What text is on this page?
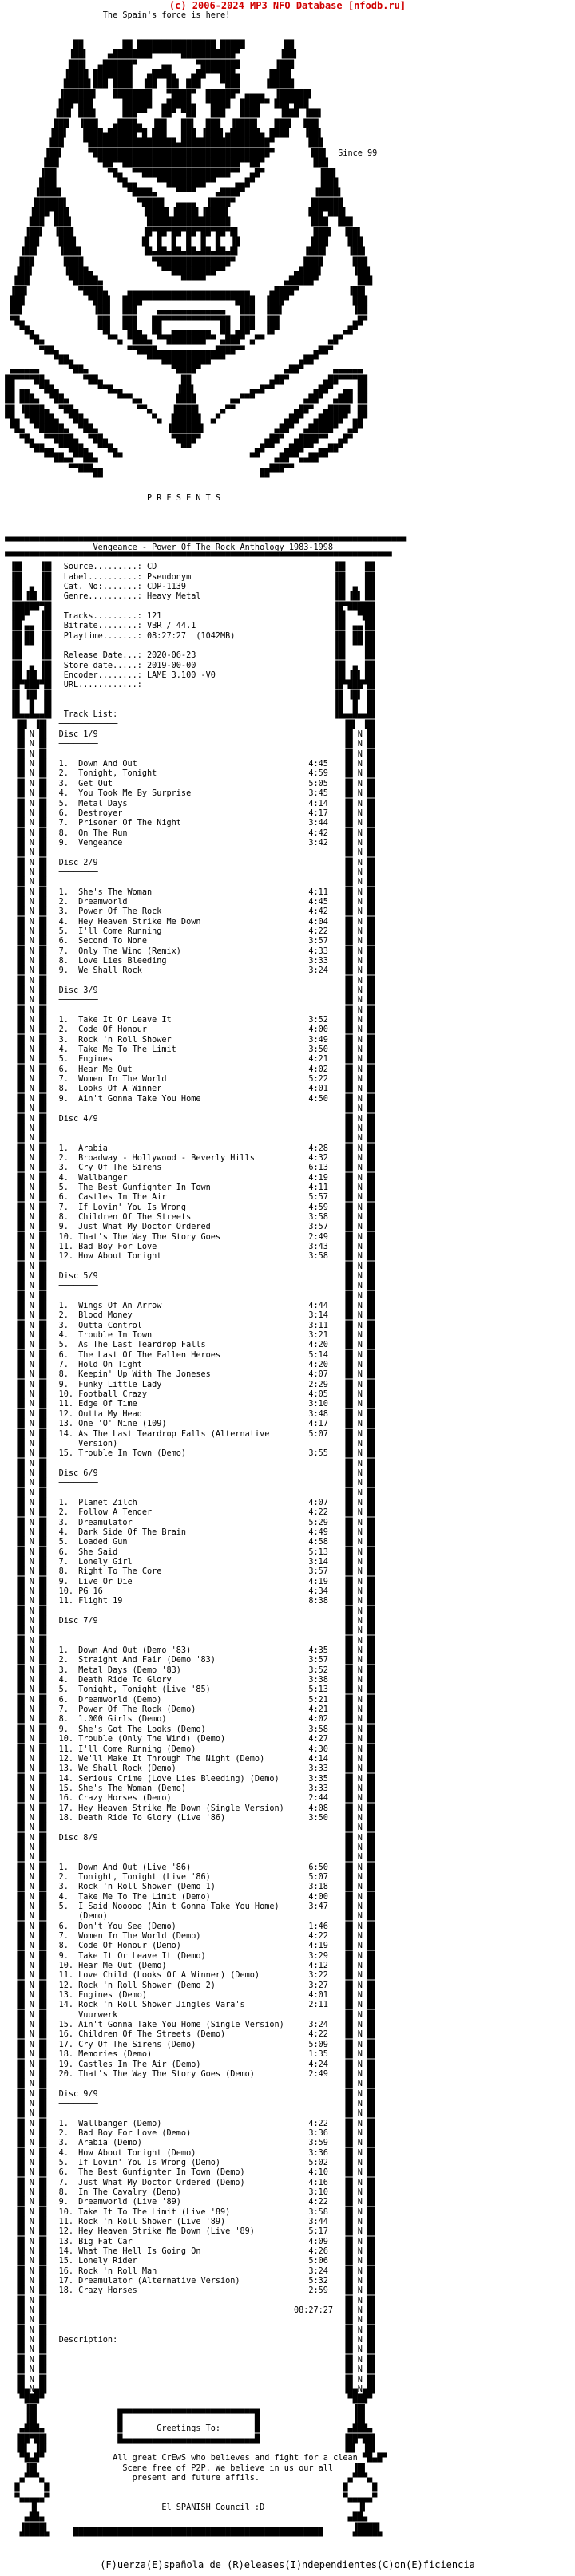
(c) 2006-2024 MP3 NFO Database [nfodb.ru]
The Spain's force is here!

██        ██ ████████████████ █████        ██
▐██▌    ▄████████▀▀▀▀▀▀███████████▀        ▐██▌
███▌  ▄██████▀     ▄▄     ▀████████       ▐███
▐████ ████████   ▄████▄   ▄██▀▀▀███▄      ████▌
█████▌███ ████  ▐██  ██▌ ███    ▀███     ▐█████
▐██████▌   ████████   ▀████▀  ██████▀ ▄▄▄▄  ▐██████▌
███▀███      ██████  ▄█████▄  ▀████  ████▀▀ ███▀███
▐██▌ ███▌     ███▀▀   ██▀ ▀██   ███   ████    ▐███ ▐██▌
███  ▐███   ▄████▄  ▐██   ██▌  ███  ▐████▌   ███▌  ███
▐██▌   ████▄██████▀█ ███   ███ ▐███▌▄██████▄ ████   ▐██▌
███    ▀██████████████████▄██████████████████▀       ███
▐██▌     ▀████████████████████████████████████▀       ▐██▌  Since 99
███        ▀██▀▀████████████████████████▀▀██▀          ███
▐██▌          ▀█▄  ▀▀██████████████████▀▀  ▄█▀           ▐██▌
███▌            ▀█▄▄    ▀▀████████▀▀    ▄▄█▀             ▐███
▐████▌             ▀████▄    ▀▀▀▀    ▄████▀              ▐████▌
██████▌              ▀████▌  ▄▄▄▄  ▐████▀               ▐██████
▐███▀███               ▐████▌▐████▌▐████▌                ███▀███▌
███  ███▌               █████████████████                ▐███  ███
▐██▌  ▐███              ▐█▀██▀██▀██▀██▀██▀█▌               ███▌  ▐██▌
███    ███▌             █▌ █  █  █  █  █  ▐█              ▐███    ███
▐██▌    ▐███▌            ▐█▄██▄██▄██▄██▄██▄█▌             ▐███▌    ▐██▌
███      ████              ▀███████████████▀              ████      ███
▐██▌      ▐████▄              ▀▀█████████▀▀              ▄████▌      ▐██▌
███        ▀█████▄                ▀▀▀▀▀                ▄█████▀        ███
▐██▌          ▀████▄    ▄▄▄▄▄▄▄▄▄▄▄▄▄▄▄▄▄▄▄▄▄▄▄▄▄    ▄████▀          ▐██▌
███             ▀███▌  ████▀▀▀▀▀▀▀▀▀▀▀▀▀▀▀▀▀▀▀████  ▐███▀             ███
██▌              ▐██▌  ███    ▄▄▄▄▄▄▄▄▄▄▄▄▄▄   ███  ▐██▌              ▐██
▀█▄               ██▌  ███   ██▀▀▀▀▀▀▀▀▀▀▀▀██  ███  ▐██               ▄█▀
▀█▄             ▀█▌  ▀██▄  ██  ▄▄▄▄▄▄▄▄  ██ ▄██▀  ▐█▀             ▄█▀
▀█▄             ▀▀▄ ▀███▄ ▀▀████████▀▀ ▄███▀ ▄▀▀             ▄█▀
▀██▄              ▀▀████▄▄▄▄▄▄▄▄▄▄▄▄████▀▀              ▄██▀
▀██▄               ▀▀▀██████████▀▀▀               ▄██▀
▄▄▄▄▄▄      ▀██▄                 ▀████▀                 ▄██▀      ▄▄▄▄▄▄
██▀▀▀▀██▄       ▀██▄                ██                ▄██▀       ▄██▀▀▀▀██
██ ▄▄  ▀██▄        ▀▀█▄▄           ▐██▌           ▄▄█▀▀        ▄██▀  ▄▄ ██
██ ███▄  ▀██▄          ▀▀▀▄▄       ████       ▄▄▀▀▀          ▄██▀  ▄███ ██
██ ▐████▄  ▀██▄            ▀▀▄    ▐████▌    ▄▀▀            ▄██▀  ▄████▌ ██
▀█▄ ▀█████▄  ▀██▄             ▀▄  ██████  ▄▀             ▄██▀  ▄█████▀ ▄█▀
▀█▄  ▀█████▄  ▀██▄              ▐██████▌              ▄██▀  ▄█████▀  ▄█▀
▀█▄  ▀▀████▄  ▀██▄             ▀████▀             ▄██▀  ▄████▀▀  ▄█▀
▀██▄▄ ▀▀███▄  ▀▀█▄             ▀▀             ▄█▀▀  ▄███▀▀ ▄▄██▀
▀▀██▄▄▀▀██▄   ▀▀                          ▀▀   ▄██▀▀▄▄██▀▀
▀▀███▄▄                                ▄▄███▀▀
▀▀                                ▀▀

P R E S E N T S

▄▄▄▄▄▄▄▄▄▄▄▄▄▄▄▄▄▄▄▄▄▄▄▄▄▄▄▄▄▄▄▄▄▄▄▄▄▄▄▄▄▄▄▄▄▄▄▄▄▄▄▄▄▄▄▄▄▄▄▄▄▄▄▄▄▄▄▄▄▄▄▄▄▄▄▄▄▄▄▄▄▄
Vengeance - Power Of The Rock Anthology 1983-1998
▀▀▀▀▀▀▀▀▀▀▀▀▀▀▀▀▀▀▀▀▀▀▀▀▀▀▀▀▀▀▀▀▀▀▀▀▀▀▀▀▀▀▀▀▀▀▀▀▀▀▀▀▀▀▀▀▀▀▀▀▀▀▀▀▀▀▀▀▀▀▀▀▀▀▀▀▀▀▀
▐█▌   ▐█▌  Source.........: CD                                    ▐█▌   ▐█▌
▐█▌   ▐█▌  Label..........: Pseudonym                             ▐█▌   ▐█▌
▐█▌ ▄ ▐█▌  Cat. No:.......: CDP-1139                              ▐█▌ ▄ ▐█▌
▐█▌▐█▌▐█▌  Genre..........: Heavy Metal                           ▐█▌▐█▌▐█▌
▐█████▀█▌                                                         ▐█▀█████▌
▐██▀  ▐█▌  Tracks.........: 121                                   ▐█▌  ▀██▌
▐█▌▄▄ ▐█▌  Bitrate........: VBR / 44.1                            ▐█▌ ▄▄▐█▌
▐█▌██ ▐█▌  Playtime.......: 08:27:27  (1042MB)                    ▐█▌ ██▐█▌
▐█▌▀▀ ▐█▌                                                         ▐█▌ ▀▀▐█▌
▐█▌   ▐█▌  Release Date...: 2020-06-23                            ▐█▌   ▐█▌
▐█▌ ▄ ▐█▌  Store date.....: 2019-00-00                            ▐█▌ ▄ ▐█▌
▐█▌▐█▌▐█▌  Encoder........: LAME 3.100 -V0                        ▐█▌▐█▌▐█▌
▐█▀███▀█▌  URL............:                                       ▐█▀███▀█▌
▐█ ▐█▌ █▌                                                         ▐█ ▐█▌ █▌
▐█  █  █▌                                                         ▐█  █  █▌
▐█▄▄█▄▄█▌  Track List:                                            ▐█▄▄█▄▄█▌
▐█▌ ▐█▌  ════════════                                              ▐█▌ ▐█▌
▐█ N █▌  Disc 1/9                                                  ▐█ N █▌
▐█ N █▌  ────────                                                  ▐█ N █▌
▐█ N █▌                                                            ▐█ N █▌
▐█ N █▌  1.  Down And Out                                   4:45   ▐█ N █▌
▐█ N █▌  2.  Tonight, Tonight                               4:59   ▐█ N █▌
▐█ N █▌  3.  Get Out                                        5:05   ▐█ N █▌
▐█ N █▌  4.  You Took Me By Surprise                        3:45   ▐█ N █▌
▐█ N █▌  5.  Metal Days                                     4:14   ▐█ N █▌
▐█ N █▌  6.  Destroyer                                      4:17   ▐█ N █▌
▐█ N █▌  7.  Prisoner Of The Night                          3:44   ▐█ N █▌
▐█ N █▌  8.  On The Run                                     4:42   ▐█ N █▌
▐█ N █▌  9.  Vengeance                                      3:42   ▐█ N █▌
▐█ N █▌                                                            ▐█ N █▌
▐█ N █▌  Disc 2/9                                                  ▐█ N █▌
▐█ N █▌  ────────                                                  ▐█ N █▌
▐█ N █▌                                                            ▐█ N █▌
▐█ N █▌  1.  She's The Woman                                4:11   ▐█ N █▌
▐█ N █▌  2.  Dreamworld                                     4:45   ▐█ N █▌
▐█ N █▌  3.  Power Of The Rock                              4:42   ▐█ N █▌
▐█ N █▌  4.  Hey Heaven Strike Me Down                      4:04   ▐█ N █▌
▐█ N █▌  5.  I'll Come Running                              4:22   ▐█ N █▌
▐█ N █▌  6.  Second To None                                 3:57   ▐█ N █▌
▐█ N █▌  7.  Only The Wind (Remix)                          4:33   ▐█ N █▌
▐█ N █▌  8.  Love Lies Bleeding                             3:33   ▐█ N █▌
▐█ N █▌  9.  We Shall Rock                                  3:24   ▐█ N █▌
▐█ N █▌                                                            ▐█ N █▌
▐█ N █▌  Disc 3/9                                                  ▐█ N █▌
▐█ N █▌  ────────                                                  ▐█ N █▌
▐█ N █▌                                                            ▐█ N █▌
▐█ N █▌  1.  Take It Or Leave It                            3:52   ▐█ N █▌
▐█ N █▌  2.  Code Of Honour                                 4:00   ▐█ N █▌
▐█ N █▌  3.  Rock 'n Roll Shower                            3:49   ▐█ N █▌
▐█ N █▌  4.  Take Me To The Limit                           3:50   ▐█ N █▌
▐█ N █▌  5.  Engines                                        4:21   ▐█ N █▌
▐█ N █▌  6.  Hear Me Out                                    4:02   ▐█ N █▌
▐█ N █▌  7.  Women In The World                             5:22   ▐█ N █▌
▐█ N █▌  8.  Looks Of A Winner                              4:01   ▐█ N █▌
▐█ N █▌  9.  Ain't Gonna Take You Home                      4:50   ▐█ N █▌
▐█ N █▌                                                            ▐█ N █▌
▐█ N █▌  Disc 4/9                                                  ▐█ N █▌
▐█ N █▌  ────────                                                  ▐█ N █▌
▐█ N █▌                                                            ▐█ N █▌
▐█ N █▌  1.  Arabia                                         4:28   ▐█ N █▌
▐█ N █▌  2.  Broadway - Hollywood - Beverly Hills           4:32   ▐█ N █▌
▐█ N █▌  3.  Cry Of The Sirens                              6:13   ▐█ N █▌
▐█ N █▌  4.  Wallbanger                                     4:19   ▐█ N █▌
▐█ N █▌  5.  The Best Gunfighter In Town                    4:11   ▐█ N █▌
▐█ N █▌  6.  Castles In The Air                             5:57   ▐█ N █▌
▐█ N █▌  7.  If Lovin' You Is Wrong                         4:59   ▐█ N █▌
▐█ N █▌  8.  Children Of The Streets                        3:58   ▐█ N █▌
▐█ N █▌  9.  Just What My Doctor Ordered                    3:57   ▐█ N █▌
▐█ N █▌  10. That's The Way The Story Goes                  2:49   ▐█ N █▌
▐█ N █▌  11. Bad Boy For Love                               3:43   ▐█ N █▌
▐█ N █▌  12. How About Tonight                              3:58   ▐█ N █▌
▐█ N █▌                                                            ▐█ N █▌
▐█ N █▌  Disc 5/9                                                  ▐█ N █▌
▐█ N █▌  ────────                                                  ▐█ N █▌
▐█ N █▌                                                            ▐█ N █▌
▐█ N █▌  1.  Wings Of An Arrow                              4:44   ▐█ N █▌
▐█ N █▌  2.  Blood Money                                    3:14   ▐█ N █▌
▐█ N █▌  3.  Outta Control                                  3:11   ▐█ N █▌
▐█ N █▌  4.  Trouble In Town                                3:21   ▐█ N █▌
▐█ N █▌  5.  As The Last Teardrop Falls                     4:20   ▐█ N █▌
▐█ N █▌  6.  The Last Of The Fallen Heroes                  5:14   ▐█ N █▌
▐█ N █▌  7.  Hold On Tight                                  4:20   ▐█ N █▌
▐█ N █▌  8.  Keepin' Up With The Joneses                    4:07   ▐█ N █▌
▐█ N █▌  9.  Funky Little Lady                              2:29   ▐█ N █▌
▐█ N █▌  10. Football Crazy                                 4:05   ▐█ N █▌
▐█ N █▌  11. Edge Of Time                                   3:10   ▐█ N █▌
▐█ N █▌  12. Outta My Head                                  3:48   ▐█ N █▌
▐█ N █▌  13. One 'O' Nine (109)                             4:17   ▐█ N █▌
▐█ N █▌  14. As The Last Teardrop Falls (Alternative        5:07   ▐█ N █▌
▐█ N █▌      Version)                                              ▐█ N █▌
▐█ N █▌  15. Trouble In Town (Demo)                         3:55   ▐█ N █▌
▐█ N █▌                                                            ▐█ N █▌
▐█ N █▌  Disc 6/9                                                  ▐█ N █▌
▐█ N █▌  ────────                                                  ▐█ N █▌
▐█ N █▌                                                            ▐█ N █▌
▐█ N █▌  1.  Planet Zilch                                   4:07   ▐█ N █▌
▐█ N █▌  2.  Follow A Tender                                4:22   ▐█ N █▌
▐█ N █▌  3.  Dreamulator                                    5:29   ▐█ N █▌
▐█ N █▌  4.  Dark Side Of The Brain                         4:49   ▐█ N █▌
▐█ N █▌  5.  Loaded Gun                                     4:58   ▐█ N █▌
▐█ N █▌  6.  She Said                                       5:13   ▐█ N █▌
▐█ N █▌  7.  Lonely Girl                                    3:14   ▐█ N █▌
▐█ N █▌  8.  Right To The Core                              3:57   ▐█ N █▌
▐█ N █▌  9.  Live Or Die                                    4:19   ▐█ N █▌
▐█ N █▌  10. PG 16                                          4:34   ▐█ N █▌
▐█ N █▌  11. Flight 19                                      8:38   ▐█ N █▌
▐█ N █▌                                                            ▐█ N █▌
▐█ N █▌  Disc 7/9                                                  ▐█ N █▌
▐█ N █▌  ────────                                                  ▐█ N █▌
▐█ N █▌                                                            ▐█ N █▌
▐█ N █▌  1.  Down And Out (Demo '83)                        4:35   ▐█ N █▌
▐█ N █▌  2.  Straight And Fair (Demo '83)                   3:57   ▐█ N █▌
▐█ N █▌  3.  Metal Days (Demo '83)                          3:52   ▐█ N █▌
▐█ N █▌  4.  Death Ride To Glory                            3:38   ▐█ N █▌
▐█ N █▌  5.  Tonight, Tonight (Live '85)                    5:13   ▐█ N █▌
▐█ N █▌  6.  Dreamworld (Demo)                              5:21   ▐█ N █▌
▐█ N █▌  7.  Power Of The Rock (Demo)                       4:21   ▐█ N █▌
▐█ N █▌  8.  1.000 Girls (Demo)                             4:02   ▐█ N █▌
▐█ N █▌  9.  She's Got The Looks (Demo)                     3:58   ▐█ N █▌
▐█ N █▌  10. Trouble (Only The Wind) (Demo)                 4:27   ▐█ N █▌
▐█ N █▌  11. I'll Come Running (Demo)                       4:30   ▐█ N █▌
▐█ N █▌  12. We'll Make It Through The Night (Demo)         4:14   ▐█ N █▌
▐█ N █▌  13. We Shall Rock (Demo)                           3:33   ▐█ N █▌
▐█ N █▌  14. Serious Crime (Love Lies Bleeding) (Demo)      3:35   ▐█ N █▌
▐█ N █▌  15. She's The Woman (Demo)                         3:33   ▐█ N █▌
▐█ N █▌  16. Crazy Horses (Demo)                            2:44   ▐█ N █▌
▐█ N █▌  17. Hey Heaven Strike Me Down (Single Version)     4:08   ▐█ N █▌
▐█ N █▌  18. Death Ride To Glory (Live '86)                 3:50   ▐█ N █▌
▐█ N █▌                                                            ▐█ N █▌
▐█ N █▌  Disc 8/9                                                  ▐█ N █▌
▐█ N █▌  ────────                                                  ▐█ N █▌
▐█ N █▌                                                            ▐█ N █▌
▐█ N █▌  1.  Down And Out (Live '86)                        6:50   ▐█ N █▌
▐█ N █▌  2.  Tonight, Tonight (Live '86)                    5:07   ▐█ N █▌
▐█ N █▌  3.  Rock 'n Roll Shower (Demo 1)                   3:18   ▐█ N █▌
▐█ N █▌  4.  Take Me To The Limit (Demo)                    4:00   ▐█ N █▌
▐█ N █▌  5.  I Said Nooooo (Ain't Gonna Take You Home)      3:47   ▐█ N █▌
▐█ N █▌      (Demo)                                                ▐█ N █▌
▐█ N █▌  6.  Don't You See (Demo)                           1:46   ▐█ N █▌
▐█ N █▌  7.  Women In The World (Demo)                      4:22   ▐█ N █▌
▐█ N █▌  8.  Code Of Honour (Demo)                          4:19   ▐█ N █▌
▐█ N █▌  9.  Take It Or Leave It (Demo)                     3:29   ▐█ N █▌
▐█ N █▌  10. Hear Me Out (Demo)                             4:12   ▐█ N █▌
▐█ N █▌  11. Love Child (Looks Of A Winner) (Demo)          3:22   ▐█ N █▌
▐█ N █▌  12. Rock 'n Roll Shower (Demo 2)                   3:27   ▐█ N █▌
▐█ N █▌  13. Engines (Demo)                                 4:01   ▐█ N █▌
▐█ N █▌  14. Rock 'n Roll Shower Jingles Vara's             2:11   ▐█ N █▌
▐█ N █▌      Vuurwerk                                              ▐█ N █▌
▐█ N █▌  15. Ain't Gonna Take You Home (Single Version)     3:24   ▐█ N █▌
▐█ N █▌  16. Children Of The Streets (Demo)                 4:22   ▐█ N █▌
▐█ N █▌  17. Cry Of The Sirens (Demo)                       5:09   ▐█ N █▌
▐█ N █▌  18. Memories (Demo)                                1:35   ▐█ N █▌
▐█ N █▌  19. Castles In The Air (Demo)                      4:24   ▐█ N █▌
▐█ N █▌  20. That's The Way The Story Goes (Demo)           2:49   ▐█ N █▌
▐█ N █▌                                                            ▐█ N █▌
▐█ N █▌  Disc 9/9                                                  ▐█ N █▌
▐█ N █▌  ────────                                                  ▐█ N █▌
▐█ N █▌                                                            ▐█ N █▌
▐█ N █▌  1.  Wallbanger (Demo)                              4:22   ▐█ N █▌
▐█ N █▌  2.  Bad Boy For Love (Demo)                        3:36   ▐█ N █▌
▐█ N █▌  3.  Arabia (Demo)                                  3:59   ▐█ N █▌
▐█ N █▌  4.  How About Tonight (Demo)                       3:36   ▐█ N █▌
▐█ N █▌  5.  If Lovin' You Is Wrong (Demo)                  5:02   ▐█ N █▌
▐█ N █▌  6.  The Best Gunfighter In Town (Demo)             4:10   ▐█ N █▌
▐█ N █▌  7.  Just What My Doctor Ordered (Demo)             4:16   ▐█ N █▌
▐█ N █▌  8.  In The Cavalry (Demo)                          3:10   ▐█ N █▌
▐█ N █▌  9.  Dreamworld (Live '89)                          4:22   ▐█ N █▌
▐█ N █▌  10. Take It To The Limit (Live '89)                3:58   ▐█ N █▌
▐█ N █▌  11. Rock 'n Roll Shower (Live '89)                 3:44   ▐█ N █▌
▐█ N █▌  12. Hey Heaven Strike Me Down (Live '89)           5:17   ▐█ N █▌
▐█ N █▌  13. Big Fat Car                                    4:09   ▐█ N █▌
▐█ N █▌  14. What The Hell Is Going On                      4:26   ▐█ N █▌
▐█ N █▌  15. Lonely Rider                                   5:06   ▐█ N █▌
▐█ N █▌  16. Rock 'n Roll Man                               3:24   ▐█ N █▌
▐█ N █▌  17. Dreamulator (Alternative Version)              5:32   ▐█ N █▌
▐█ N █▌  18. Crazy Horses                                   2:59   ▐█ N █▌
▐█ N █▌                                                            ▐█ N █▌
▐█ N █▌                                                  08:27:27  ▐█ N █▌
▐█ N █▌                                                            ▐█ N █▌
▐█ N █▌                                                            ▐█ N █▌
▐█ N █▌  Description:                                              ▐█ N █▌
▐█ N █▌                                                            ▐█ N █▌
▐█ N █▌                                                            ▐█ N █▌
▐█ N █▌                                                            ▐█ N █▌
▐█ N █▌                                                            ▐█ N █▌
▐█▄N▄█▌                                                            ▐█▄N▄█▌
▀███▀                                                              ▀███▀
▐█▌                ▄▄▄▄▄▄▄▄▄▄▄▄▄▄▄▄▄▄▄▄▄▄▄▄▄▄▄▄▄                   ▐█▌
▐█▌                █                           █                   ▐█▌
▄███▄               █       Greetings To:       █                  ▄███▄
▐██▀██▌              █▄▄▄▄▄▄▄▄▄▄▄▄▄▄▄▄▄▄▄▄▄▄▄▄▄▄▄█                 ▐██▀██▌
▐█▌ ▐█▌                                                            ▐█▌ ▐█▌
▀█▄█▀              All great CrEwS who believes and fight for a clean ▀█▄█▀
▐█▌                 Scene free of P2P. We believe in us our all    ▐█▌
▄▀▀▀▄                  present and future affils.                  ▄▀▀▀▄
█     █                                                            █     █
▀▄▄▄▄▄▀                                                            ▀▄▄▄▄▄▀
▐▌                         El SPANISH Council :D                   ▐▌
▄██▄                                                              ▄██▄
▐████▌     ▄▄▄▄▄▄▄▄▄▄▄▄▄▄▄▄▄▄▄▄▄▄▄▄▄▄▄▄▄▄▄▄▄▄▄▄▄▄▄▄▄▄▄▄▄▄▄▄▄▄▄      ▐████▌
▀▀▀▀▀▀     ▀▀▀▀▀▀▀▀▀▀▀▀▀▀▀▀▀▀▀▀▀▀▀▀▀▀▀▀▀▀▀▀▀▀▀▀▀▀▀▀▀▀▀▀▀▀▀▀▀▀▀      ▀▀▀▀▀▀

(F)uerza(E)spañola de (R)eleases(I)ndependientes(C)on(E)ficiencia
